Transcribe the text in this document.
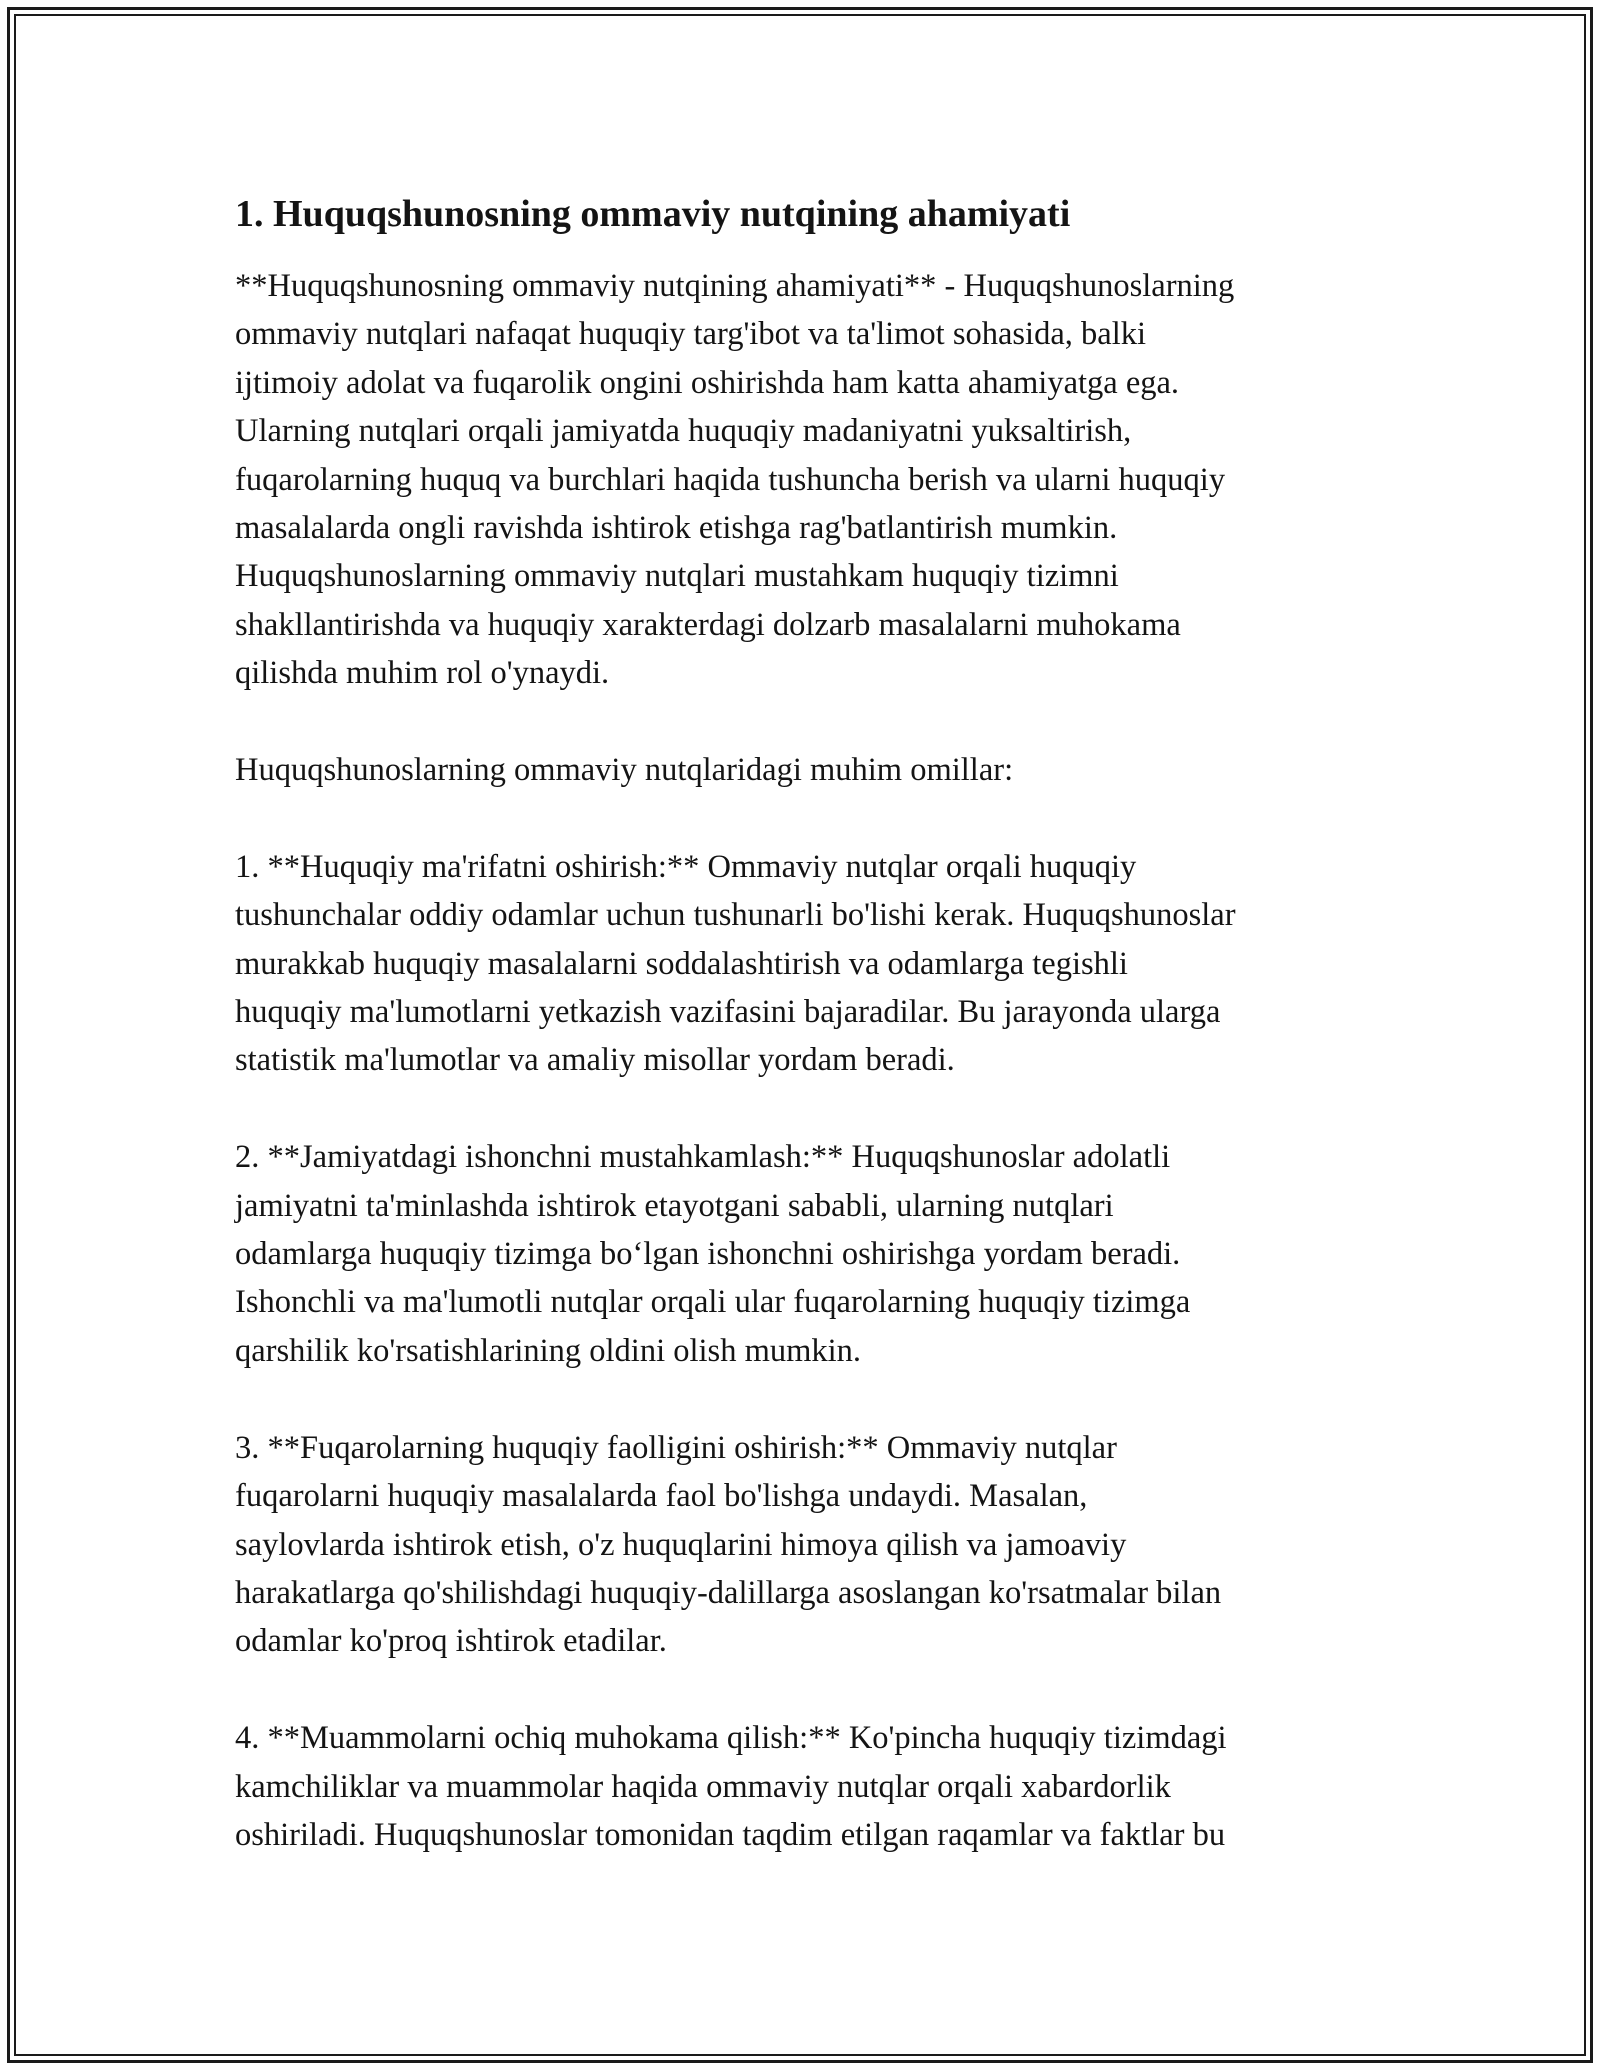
1. Huquqshunosning ommaviy nutqining ahamiyati

**Huquqshunosning ommaviy nutqining ahamiyati** - Huquqshunoslarning
ommaviy nutqlari nafaqat huquqiy targ'ibot va ta'limot sohasida, balki
ijtimoiy adolat va fuqarolik ongini oshirishda ham katta ahamiyatga ega.
Ularning nutqlari orqali jamiyatda huquqiy madaniyatni yuksaltirish,
fuqarolarning huquq va burchlari haqida tushuncha berish va ularni huquqiy
masalalarda ongli ravishda ishtirok etishga rag'batlantirish mumkin.
Huquqshunoslarning ommaviy nutqlari mustahkam huquqiy tizimni
shakllantirishda va huquqiy xarakterdagi dolzarb masalalarni muhokama
qilishda muhim rol o'ynaydi.

Huquqshunoslarning ommaviy nutqlaridagi muhim omillar:

1. **Huquqiy ma'rifatni oshirish:** Ommaviy nutqlar orqali huquqiy
tushunchalar oddiy odamlar uchun tushunarli bo'lishi kerak. Huquqshunoslar
murakkab huquqiy masalalarni soddalashtirish va odamlarga tegishli
huquqiy ma'lumotlarni yetkazish vazifasini bajaradilar. Bu jarayonda ularga
statistik ma'lumotlar va amaliy misollar yordam beradi.

2. **Jamiyatdagi ishonchni mustahkamlash:** Huquqshunoslar adolatli
jamiyatni ta'minlashda ishtirok etayotgani sababli, ularning nutqlari
odamlarga huquqiy tizimga bo‘lgan ishonchni oshirishga yordam beradi.
Ishonchli va ma'lumotli nutqlar orqali ular fuqarolarning huquqiy tizimga
qarshilik ko'rsatishlarining oldini olish mumkin.

3. **Fuqarolarning huquqiy faolligini oshirish:** Ommaviy nutqlar
fuqarolarni huquqiy masalalarda faol bo'lishga undaydi. Masalan,
saylovlarda ishtirok etish, o'z huquqlarini himoya qilish va jamoaviy
harakatlarga qo'shilishdagi huquqiy-dalillarga asoslangan ko'rsatmalar bilan
odamlar ko'proq ishtirok etadilar.

4. **Muammolarni ochiq muhokama qilish:** Ko'pincha huquqiy tizimdagi
kamchiliklar va muammolar haqida ommaviy nutqlar orqali xabardorlik
oshiriladi. Huquqshunoslar tomonidan taqdim etilgan raqamlar va faktlar bu
